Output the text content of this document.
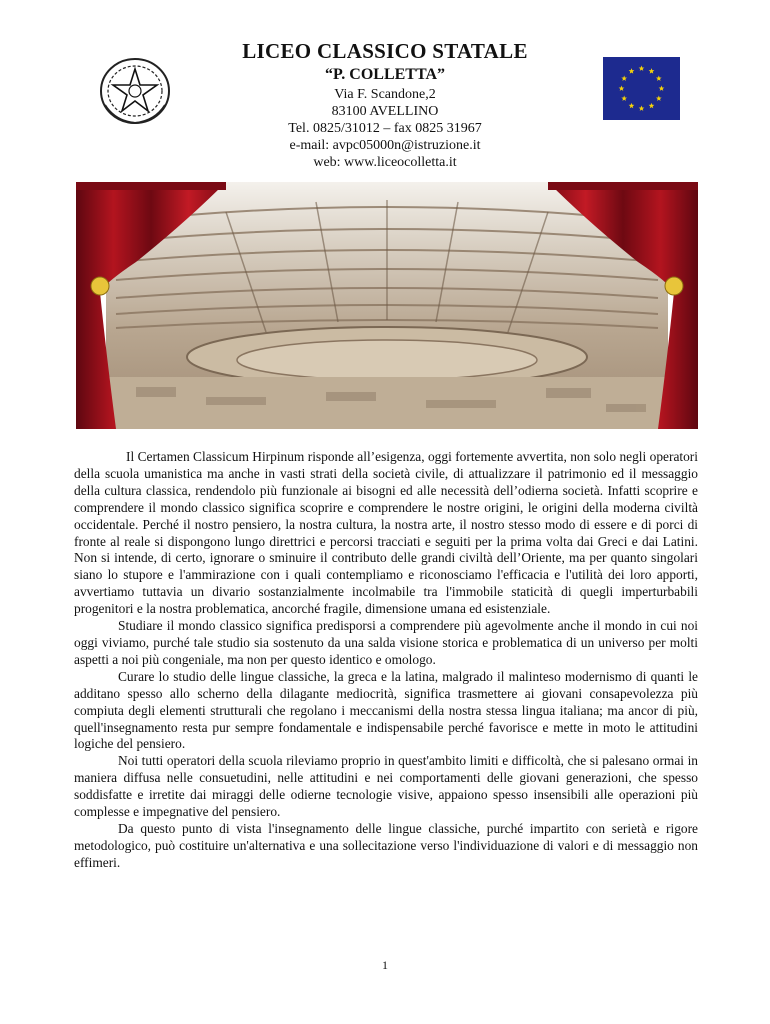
LICEO CLASSICO STATALE
“P. COLLETTA”
Via F. Scandone,2
83100 AVELLINO
Tel. 0825/31012 – fax 0825 31967
e-mail: avpc05000n@istruzione.it
web: www.liceocolletta.it

Il Certamen Classicum Hirpinum risponde all’esigenza, oggi fortemente avvertita, non solo negli operatori della scuola umanistica ma anche in vasti strati della società civile, di attualizzare il patrimonio ed il messaggio della cultura classica, rendendolo più funzionale ai bisogni ed alle necessità dell’odierna società. Infatti scoprire e comprendere il mondo classico significa scoprire e comprendere le nostre origini, le origini della moderna civiltà occidentale. Perché il nostro pensiero, la nostra cultura, la nostra arte, il nostro stesso modo di essere e di porci di fronte al reale si dispongono lungo direttrici e percorsi tracciati e seguiti per la prima volta dai Greci e dai Latini. Non si intende, di certo, ignorare o sminuire il contributo delle grandi civiltà dell’Oriente, ma per quanto singolari siano lo stupore e l'ammirazione con i quali contempliamo e riconosciamo l'efficacia e l'utilità dei loro apporti, avvertiamo tuttavia un divario sostanzialmente incolmabile tra l'immobile staticità di quegli imperturbabili progenitori e la nostra problematica, ancorché fragile, dimensione umana ed esistenziale.

Studiare il mondo classico significa predisporsi a comprendere più agevolmente anche il mondo in cui noi oggi viviamo, purché tale studio sia sostenuto da una salda visione storica e problematica di un universo per molti aspetti a noi più congeniale, ma non per questo identico e omologo.

Curare lo studio delle lingue classiche, la greca e la latina, malgrado il malinteso modernismo di quanti le additano spesso allo scherno della dilagante mediocrità, significa trasmettere ai giovani consapevolezza più compiuta degli elementi strutturali che regolano i meccanismi della nostra stessa lingua italiana; ma ancor di più, quell'insegnamento resta pur sempre fondamentale e indispensabile perché favorisce e mette in moto le attitudini logiche del pensiero.

Noi tutti operatori della scuola rileviamo proprio in quest'ambito limiti e difficoltà, che si palesano ormai in maniera diffusa nelle consuetudini, nelle attitudini e nei comportamenti delle giovani generazioni, che spesso soddisfatte e irretite dai miraggi delle odierne tecnologie visive, appaiono spesso insensibili alle operazioni più complesse e impegnative del pensiero.

Da questo punto di vista l'insegnamento delle lingue classiche, purché impartito con serietà e rigore metodologico, può costituire un'alternativa e una sollecitazione verso l'individuazione di valori e di messaggio non effimeri.

1
